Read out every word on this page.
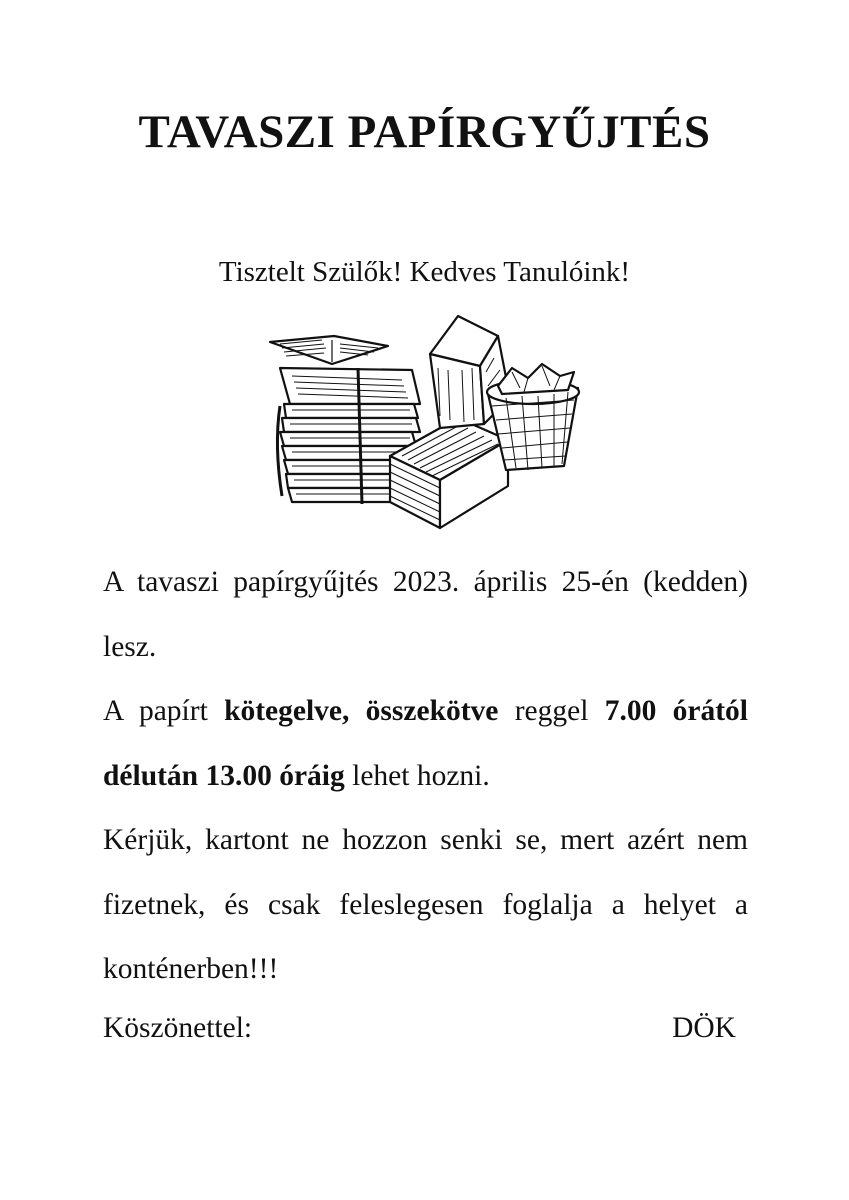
TAVASZI PAPÍRGYŰJTÉS

Tisztelt Szülők! Kedves Tanulóink!

A tavaszi papírgyűjtés 2023. április 25-én (kedden) lesz.

A papírt kötegelve, összekötve reggel 7.00 órától délután 13.00 óráig lehet hozni.

Kérjük, kartont ne hozzon senki se, mert azért nem fizetnek, és csak feleslegesen foglalja a helyet a konténerben!!!

Köszönettel:	DÖK
